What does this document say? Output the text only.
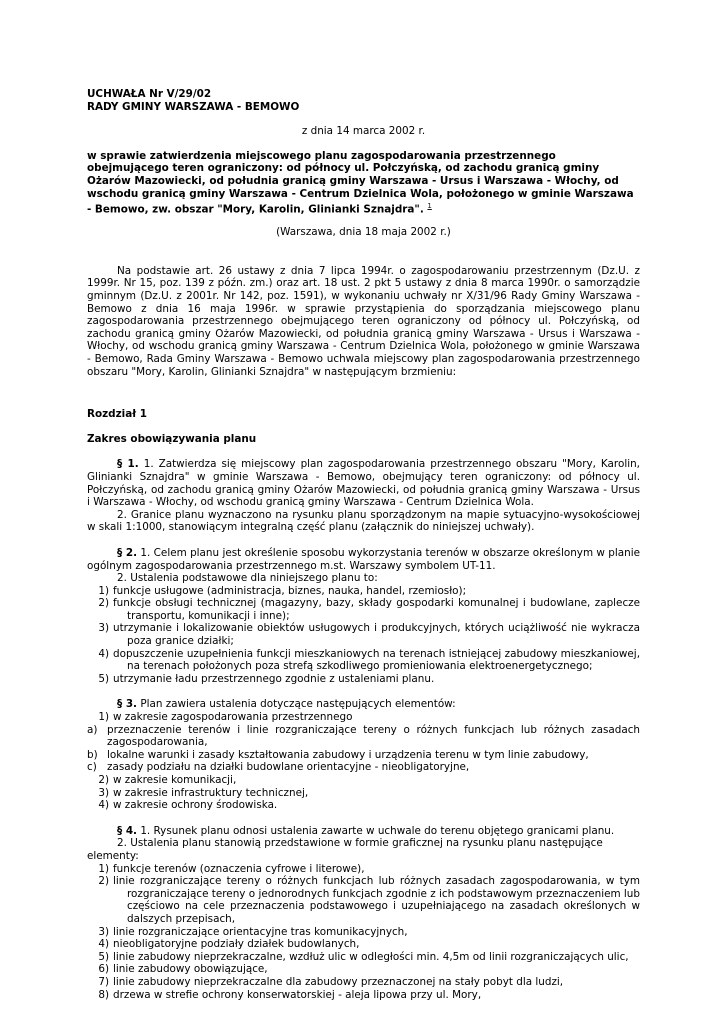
UCHWAŁA Nr V/29/02
RADY GMINY WARSZAWA - BEMOWO
z dnia 14 marca 2002 r.
w sprawie zatwierdzenia miejscowego planu zagospodarowania przestrzennego obejmującego teren ograniczony: od północy ul. Połczyńską, od zachodu granicą gminy Ożarów Mazowiecki, od południa granicą gminy Warszawa - Ursus i Warszawa - Włochy, od wschodu granicą gminy Warszawa - Centrum Dzielnica Wola, położonego w gminie Warszawa - Bemowo, zw. obszar "Mory, Karolin, Glinianki Sznajdra". $^1$
(Warszawa, dnia 18 maja 2002 r.)
Na podstawie art. 26 ustawy z dnia 7 lipca 1994r. o zagospodarowaniu przestrzennym (Dz.U. z 1999r. Nr 15, poz. 139 z późn. zm.) oraz art. 18 ust. 2 pkt 5 ustawy z dnia 8 marca 1990r. o samorządzie gminnym (Dz.U. z 2001r. Nr 142, poz. 1591), w wykonaniu uchwały nr X/31/96 Rady Gminy Warszawa - Bemowo z dnia 16 maja 1996r. w sprawie przystąpienia do sporządzania miejscowego planu zagospodarowania przestrzennego obejmującego teren ograniczony od północy ul. Połczyńską, od zachodu granicą gminy Ożarów Mazowiecki, od południa granicą gminy Warszawa - Ursus i Warszawa - Włochy, od wschodu granicą gminy Warszawa - Centrum Dzielnica Wola, położonego w gminie Warszawa - Bemowo, Rada Gminy Warszawa - Bemowo uchwala miejscowy plan zagospodarowania przestrzennego obszaru "Mory, Karolin, Glinianki Sznajdra" w następującym brzmieniu:
Rozdział 1
Zakres obowiązywania planu
§ 1. 1. Zatwierdza się miejscowy plan zagospodarowania przestrzennego obszaru "Mory, Karolin, Glinianki Sznajdra" w gminie Warszawa - Bemowo, obejmujący teren ograniczony: od północy ul. Połczyńską, od zachodu granicą gminy Ożarów Mazowiecki, od południa granicą gminy Warszawa - Ursus i Warszawa - Włochy, od wschodu granicą gminy Warszawa - Centrum Dzielnica Wola.
2. Granice planu wyznaczono na rysunku planu sporządzonym na mapie sytuacyjno-wysokościowej w skali 1:1000, stanowiącym integralną część planu (załącznik do niniejszej uchwały).
§ 2. 1. Celem planu jest określenie sposobu wykorzystania terenów w obszarze określonym w planie ogólnym zagospodarowania przestrzennego m.st. Warszawy symbolem UT-11.
2. Ustalenia podstawowe dla niniejszego planu to:
1) funkcje usługowe (administracja, biznes, nauka, handel, rzemiosło);
2) funkcje obsługi technicznej (magazyny, bazy, składy gospodarki komunalnej i budowlane, zaplecze transportu, komunikacji i inne);
3) utrzymanie i lokalizowanie obiektów usługowych i produkcyjnych, których uciążliwość nie wykracza poza granice działki;
4) dopuszczenie uzupełnienia funkcji mieszkaniowych na terenach istniejącej zabudowy mieszkaniowej, na terenach położonych poza strefą szkodliwego promieniowania elektroenergetycznego;
5) utrzymanie ładu przestrzennego zgodnie z ustaleniami planu.
§ 3. Plan zawiera ustalenia dotyczące następujących elementów:
1) w zakresie zagospodarowania przestrzennego
a) przeznaczenie terenów i linie rozgraniczające tereny o różnych funkcjach lub różnych zasadach zagospodarowania,
b) lokalne warunki i zasady kształtowania zabudowy i urządzenia terenu w tym linie zabudowy,
c) zasady podziału na działki budowlane orientacyjne - nieobligatoryjne,
2) w zakresie komunikacji,
3) w zakresie infrastruktury technicznej,
4) w zakresie ochrony środowiska.
§ 4. 1. Rysunek planu odnosi ustalenia zawarte w uchwale do terenu objętego granicami planu.
2. Ustalenia planu stanowią przedstawione w formie graficznej na rysunku planu następujące elementy:
1) funkcje terenów (oznaczenia cyfrowe i literowe),
2) linie rozgraniczające tereny o różnych funkcjach lub różnych zasadach zagospodarowania, w tym rozgraniczające tereny o jednorodnych funkcjach zgodnie z ich podstawowym przeznaczeniem lub częściowo na cele przeznaczenia podstawowego i uzupełniającego na zasadach określonych w dalszych przepisach,
3) linie rozgraniczające orientacyjne tras komunikacyjnych,
4) nieobligatoryjne podziały działek budowlanych,
5) linie zabudowy nieprzekraczalne, wzdłuż ulic w odległości min. 4,5m od linii rozgraniczających ulic,
6) linie zabudowy obowiązujące,
7) linie zabudowy nieprzekraczalne dla zabudowy przeznaczonej na stały pobyt dla ludzi,
8) drzewa w strefie ochrony konserwatorskiej - aleja lipowa przy ul. Mory,
